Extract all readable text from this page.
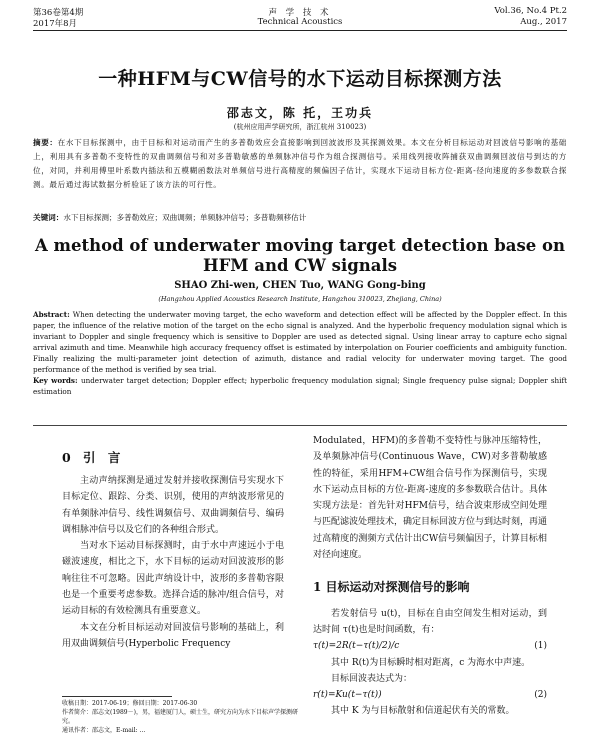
第36卷第4期
2017年8月
声 学 技 术
Technical Acoustics
Vol.36, No.4 Pt.2
Aug., 2017
一种HFM与CW信号的水下运动目标探测方法
邵志文，陈 托，王功兵
(杭州应用声学研究所，浙江杭州 310023)
摘要：在水下目标探测中，由于目标和对运动而产生的多普勒效应会直接影响到回波波形及其探测效果。本文在分析目标运动对回波信号影响的基础上，利用具有多普勒不变特性的双曲调频信号和对多普勒敏感的单频脉冲信号作为组合探测信号。采用线列接收阵捕获双曲调频回波信号到达的方位，对同，并利用傅里叶系数内插法和五模糊函数法对单频信号进行高精度的频偏因子估计，实现水下运动目标方位-距离-径向速度的多参数联合探测。最后通过海试数据分析验证了该方法的可行性。
关键词：水下目标探测；多普勒效应；双曲调频；单频脉冲信号；多普勒频移估计
A method of underwater moving target detection base on
HFM and CW signals
SHAO Zhi-wen, CHEN Tuo, WANG Gong-bing
(Hangzhou Applied Acoustics Research Institute, Hangzhou 310023, Zhejiang, China)
Abstract: When detecting the underwater moving target, the echo waveform and detection effect will be affected by the Doppler effect. In this paper, the influence of the relative motion of the target on the echo signal is analyzed. And the hyperbolic frequency modulation signal which is invariant to Doppler and single frequency which is sensitive to Doppler are used as detected signal. Using linear array to capture echo signal arrival azimuth and time. Meanwhile high accuracy frequency offset is estimated by interpolation on Fourier coefficients and ambiguity function. Finally realizing the multi-parameter joint detection of azimuth, distance and radial velocity for underwater moving target. The good performance of the method is verified by sea trial.
Key words: underwater target detection; Doppler effect; hyperbolic frequency modulation signal; Single frequency pulse signal; Doppler shift estimation
0 引 言

主动声纳探测是通过发射并接收探测信号实现水下目标定位、跟踪、分类、识别，使用的声纳波形常见的有单频脉冲信号、线性调频信号、双曲调频信号、编码调相脉冲信号以及它们的各种组合形式。

当对水下运动目标探测时，由于水中声速远小于电磁波速度，相比之下，水下目标的运动对回波波形的影响往往不可忽略。因此声纳设计中，波形的多普勒容限也是一个重要考虑参数。选择合适的脉冲/组合信号，对运动目标的有效检测具有重要意义。

本文在分析目标运动对回波信号影响的基础上，利用双曲调频信号(Hyperbolic Frequency

Modulated，HFM)的多普勒不变特性与脉冲压缩特性，及单频脉冲信号(Continuous Wave，CW)对多普勒敏感性的特征，采用HFM+CW组合信号作为探测信号，实现水下运动点目标的方位-距离-速度的多参数联合估计。具体实现方法是：首先针对HFM信号，结合波束形成空间处理与匹配滤波处理技术，确定目标回波方位与到达时刻，再通过高精度的测频方式估计出CW信号频偏因子，计算目标相对径向速度。

1 目标运动对探测信号的影响

若发射信号 u(t)，目标在自由空间发生相对运动，到达时间 τ(t)也是时间函数，有：

τ(t)=2R(t−τ(t)/2)/c	(1)

其中 R(t)为目标瞬时相对距离，c 为海水中声速。

目标回波表达式为：

r(t)=Ku(t−τ(t))	(2)

其中 K 为与目标散射和信道起伏有关的常数。

收稿日期：2017-06-19；修回日期：2017-06-30
作者简介：邵志文(1989－)，男，福建厦门人，硕士生，研究方向为水下目标声学探测研究。
通讯作者：邵志文，E-mail: ...
